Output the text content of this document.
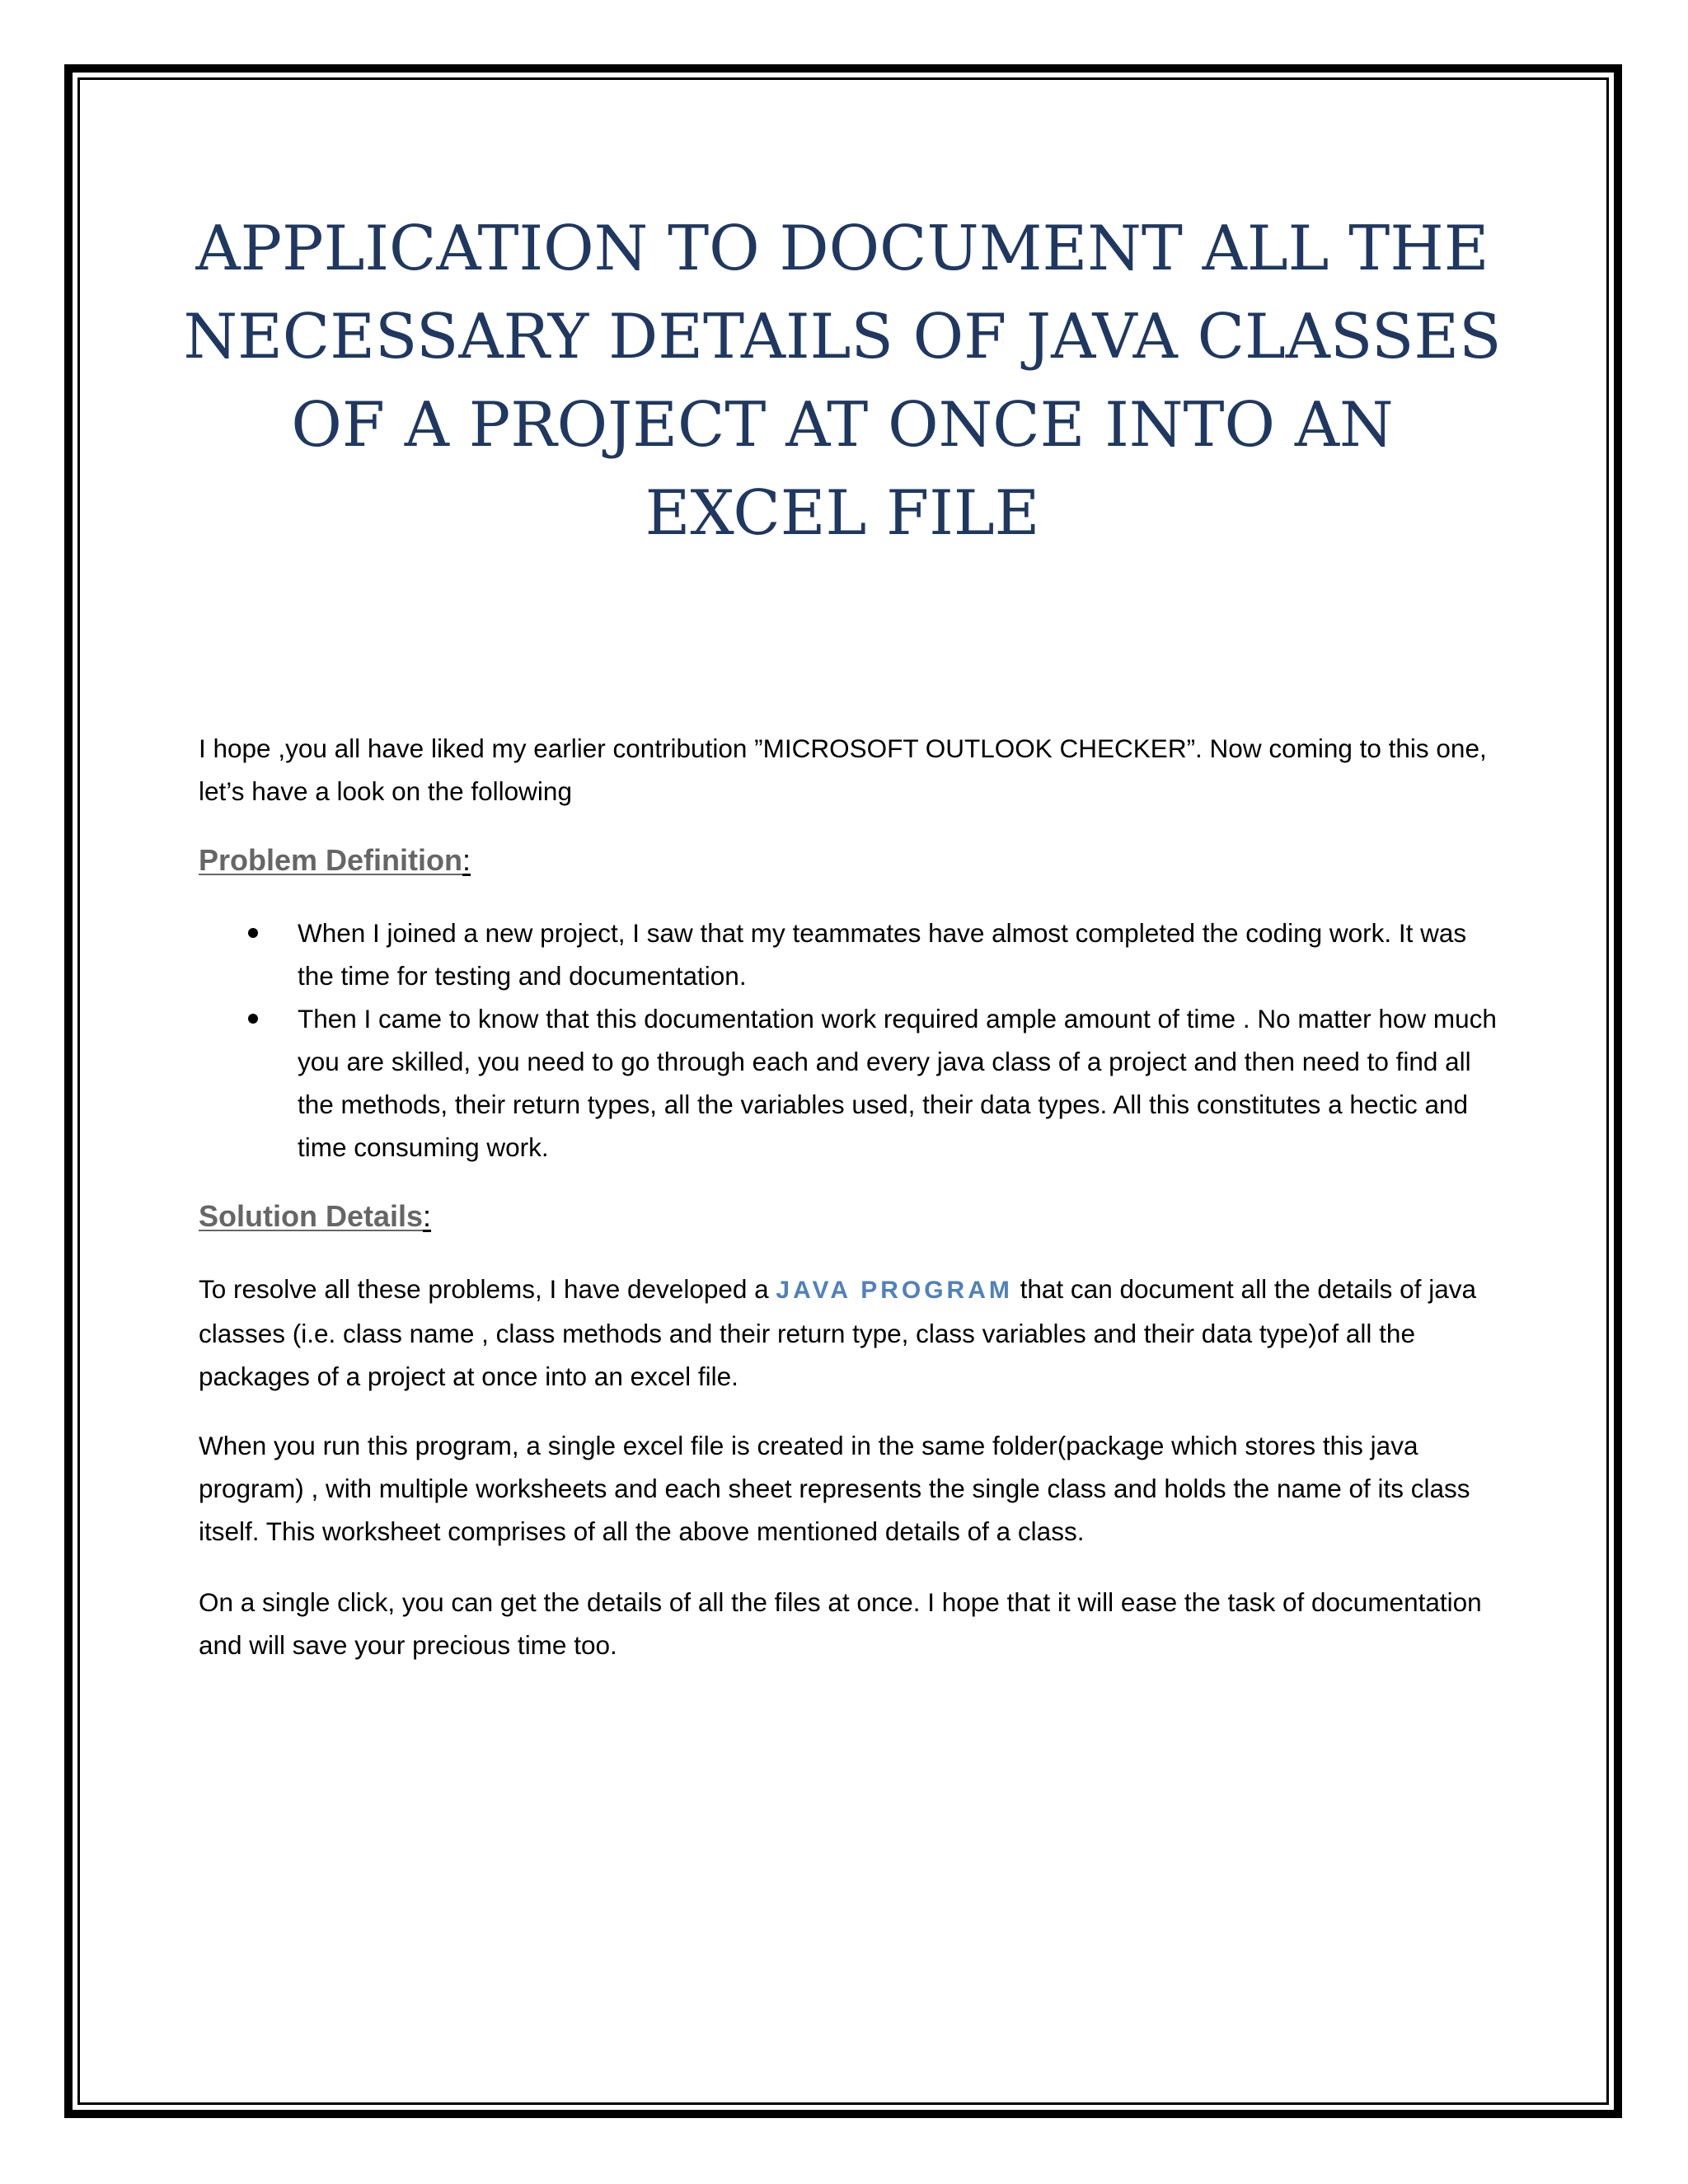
APPLICATION TO DOCUMENT ALL THE NECESSARY DETAILS OF JAVA CLASSES OF A PROJECT AT ONCE INTO AN EXCEL FILE

I hope ,you all have liked my earlier contribution ”MICROSOFT OUTLOOK CHECKER”. Now coming to this one, let’s have a look on the following

Problem Definition:
When I joined a new project, I saw that my teammates have almost completed the coding work. It was the time for testing and documentation.
Then I came to know that this documentation work required ample amount of time . No matter how much you are skilled, you need to go through each and every java class of a project and then need to find all the methods, their return types, all the variables used, their data types. All this constitutes a hectic and time consuming work.
Solution Details:

To resolve all these problems, I have developed a JAVA PROGRAM that can document all the details of java classes (i.e. class name , class methods and their return type, class variables and their data type)of all the packages of a project at once into an excel file.

When you run this program, a single excel file is created in the same folder(package which stores this java program) , with multiple worksheets and each sheet represents the single class and holds the name of its class itself. This worksheet comprises of all the above mentioned details of a class.

On a single click, you can get the details of all the files at once. I hope that it will ease the task of documentation and will save your precious time too.
